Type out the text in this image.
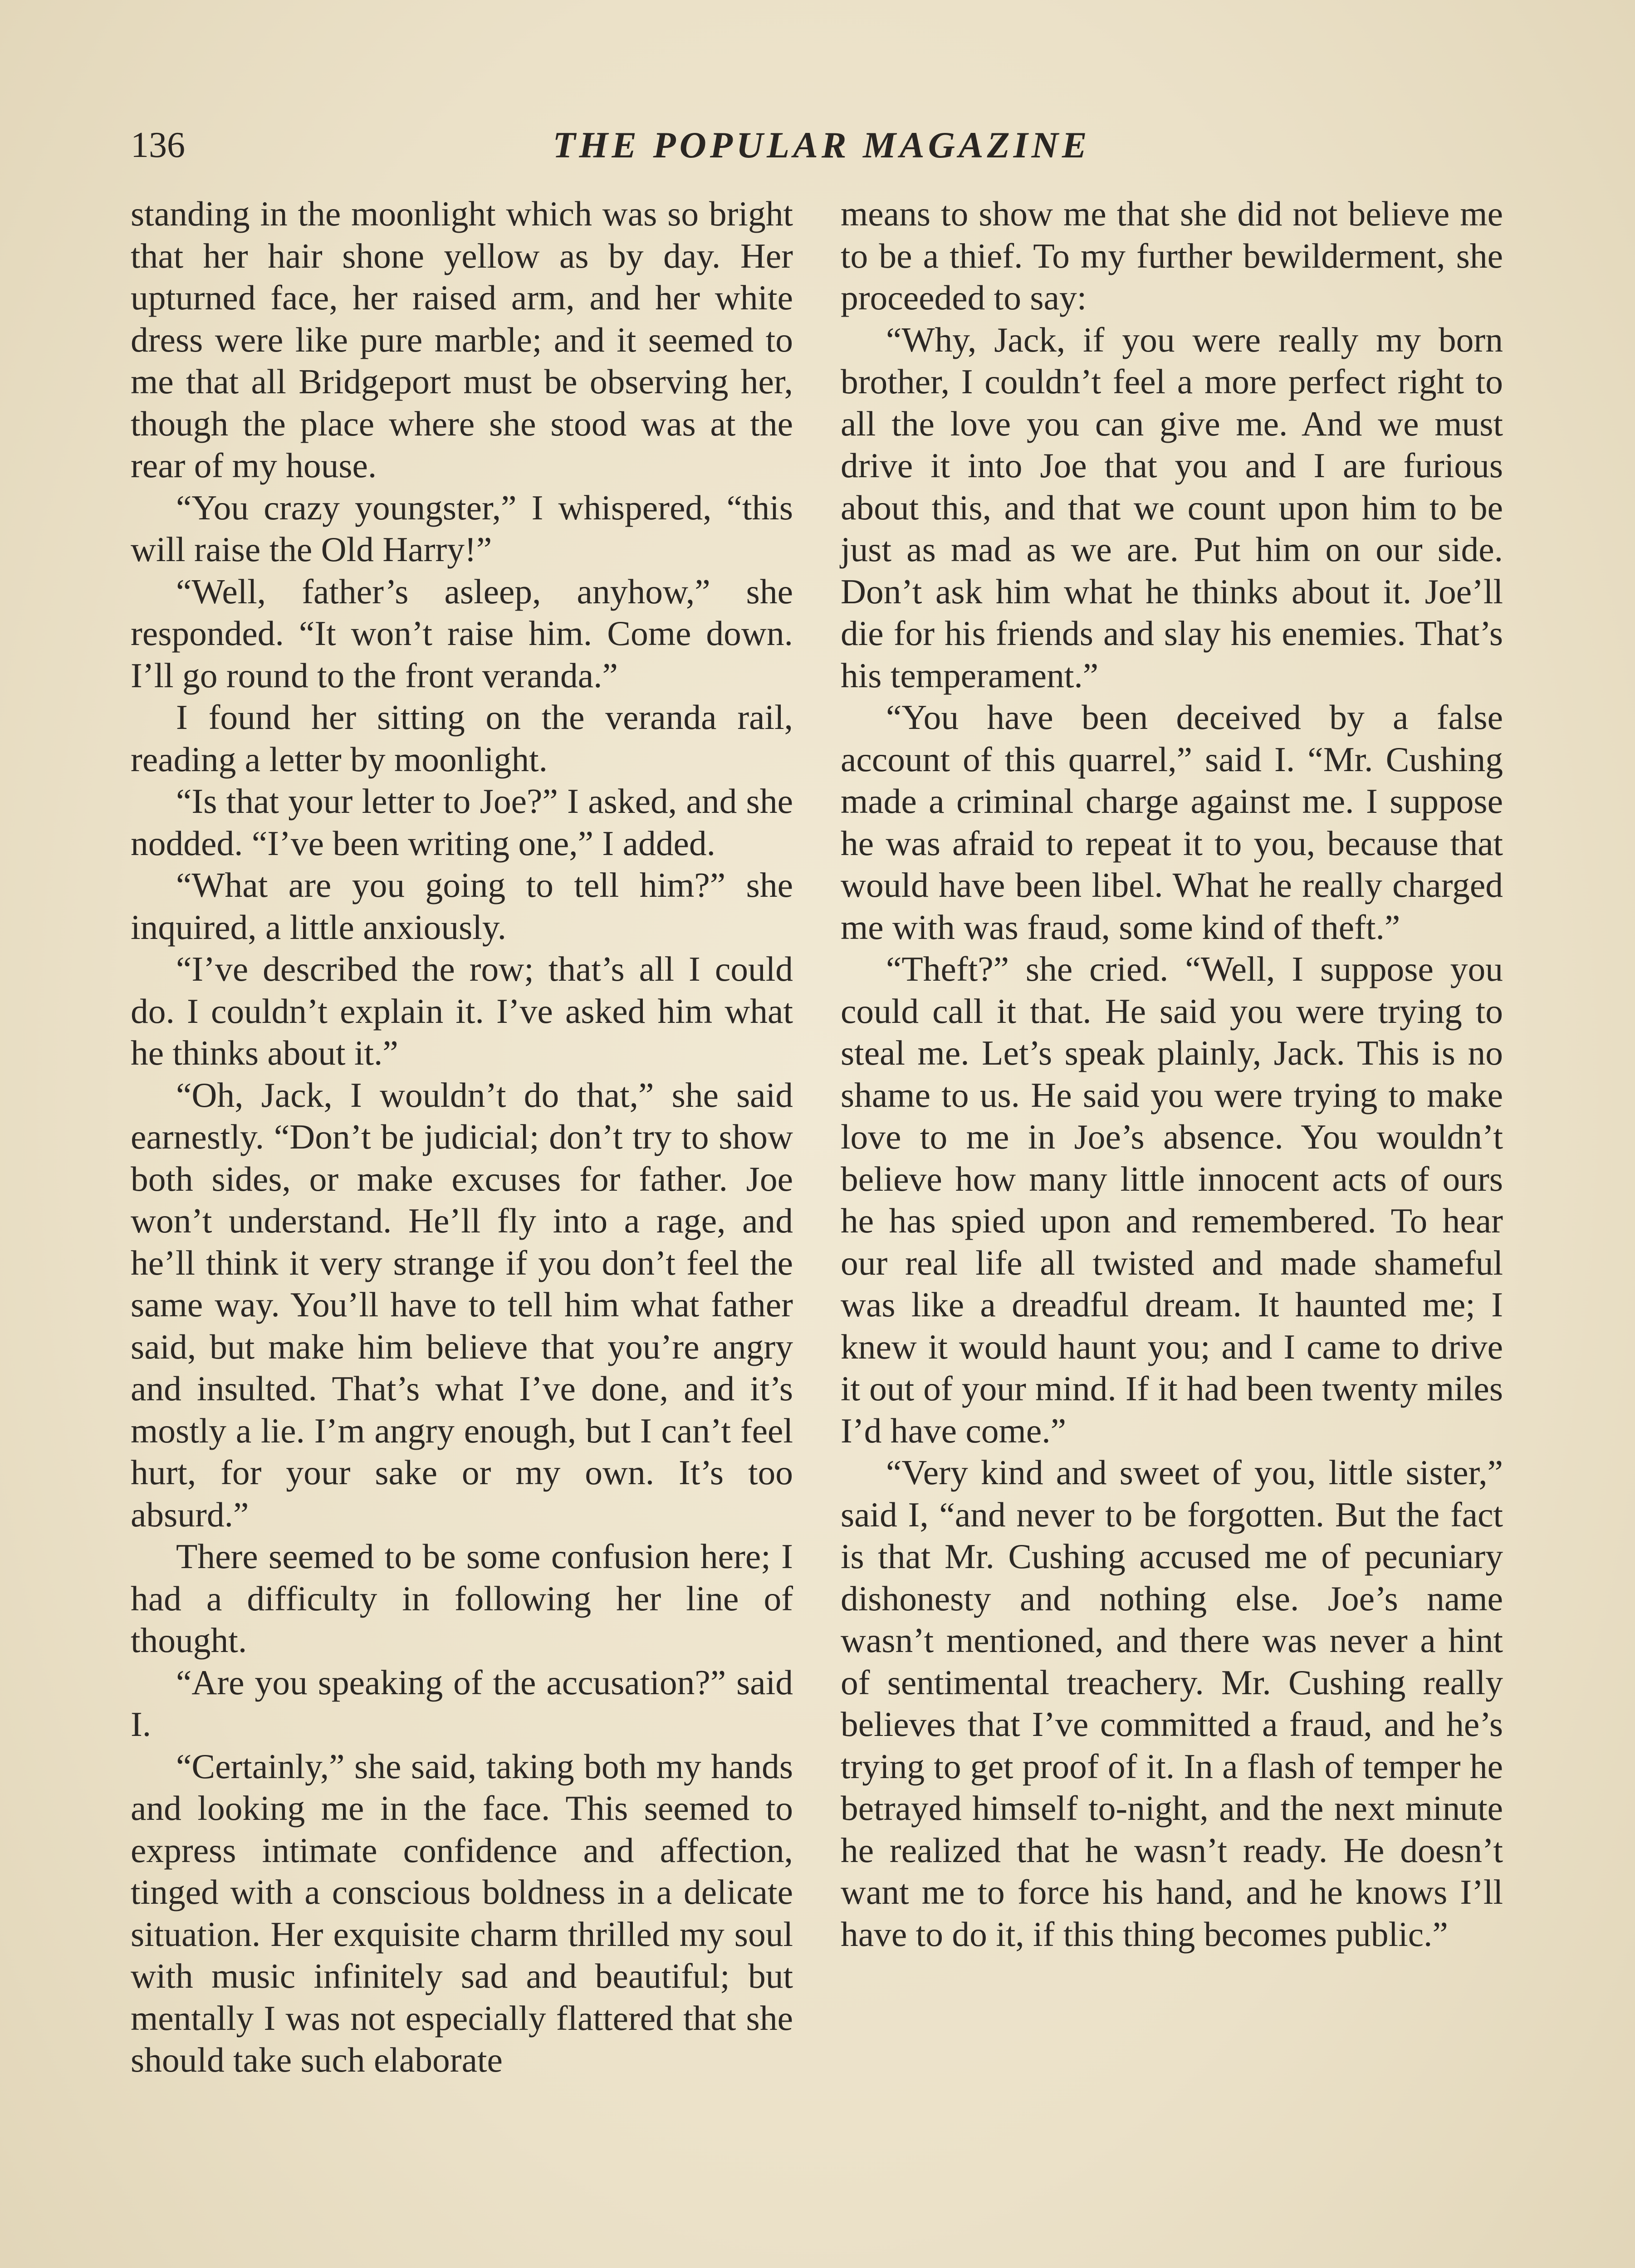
136	THE POPULAR MAGAZINE

standing in the moonlight which was so bright that her hair shone yellow as by day. Her upturned face, her raised arm, and her white dress were like pure marble; and it seemed to me that all Bridgeport must be observing her, though the place where she stood was at the rear of my house.

“You crazy youngster,” I whispered, “this will raise the Old Harry!”

“Well, father’s asleep, anyhow,” she responded. “It won’t raise him. Come down. I’ll go round to the front veranda.”

I found her sitting on the veranda rail, reading a letter by moonlight.

“Is that your letter to Joe?” I asked, and she nodded. “I’ve been writing one,” I added.

“What are you going to tell him?” she inquired, a little anxiously.

“I’ve described the row; that’s all I could do. I couldn’t explain it. I’ve asked him what he thinks about it.”

“Oh, Jack, I wouldn’t do that,” she said earnestly. “Don’t be judicial; don’t try to show both sides, or make excuses for father. Joe won’t understand. He’ll fly into a rage, and he’ll think it very strange if you don’t feel the same way. You’ll have to tell him what father said, but make him believe that you’re angry and insulted. That’s what I’ve done, and it’s mostly a lie. I’m angry enough, but I can’t feel hurt, for your sake or my own. It’s too absurd.”

There seemed to be some confusion here; I had a difficulty in following her line of thought.

“Are you speaking of the accusation?” said I.

“Certainly,” she said, taking both my hands and looking me in the face. This seemed to express intimate confidence and affection, tinged with a conscious boldness in a delicate situation. Her exquisite charm thrilled my soul with music infinitely sad and beautiful; but mentally I was not especially flattered that she should take such elaborate

means to show me that she did not believe me to be a thief. To my further bewilderment, she proceeded to say:

“Why, Jack, if you were really my born brother, I couldn’t feel a more perfect right to all the love you can give me. And we must drive it into Joe that you and I are furious about this, and that we count upon him to be just as mad as we are. Put him on our side. Don’t ask him what he thinks about it. Joe’ll die for his friends and slay his enemies. That’s his temperament.”

“You have been deceived by a false account of this quarrel,” said I. “Mr. Cushing made a criminal charge against me. I suppose he was afraid to repeat it to you, because that would have been libel. What he really charged me with was fraud, some kind of theft.”

“Theft?” she cried. “Well, I suppose you could call it that. He said you were trying to steal me. Let’s speak plainly, Jack. This is no shame to us. He said you were trying to make love to me in Joe’s absence. You wouldn’t believe how many little innocent acts of ours he has spied upon and remembered. To hear our real life all twisted and made shameful was like a dreadful dream. It haunted me; I knew it would haunt you; and I came to drive it out of your mind. If it had been twenty miles I’d have come.”

“Very kind and sweet of you, little sister,” said I, “and never to be forgotten. But the fact is that Mr. Cushing accused me of pecuniary dishonesty and nothing else. Joe’s name wasn’t mentioned, and there was never a hint of sentimental treachery. Mr. Cushing really believes that I’ve committed a fraud, and he’s trying to get proof of it. In a flash of temper he betrayed himself to-night, and the next minute he realized that he wasn’t ready. He doesn’t want me to force his hand, and he knows I’ll have to do it, if this thing becomes public.”
